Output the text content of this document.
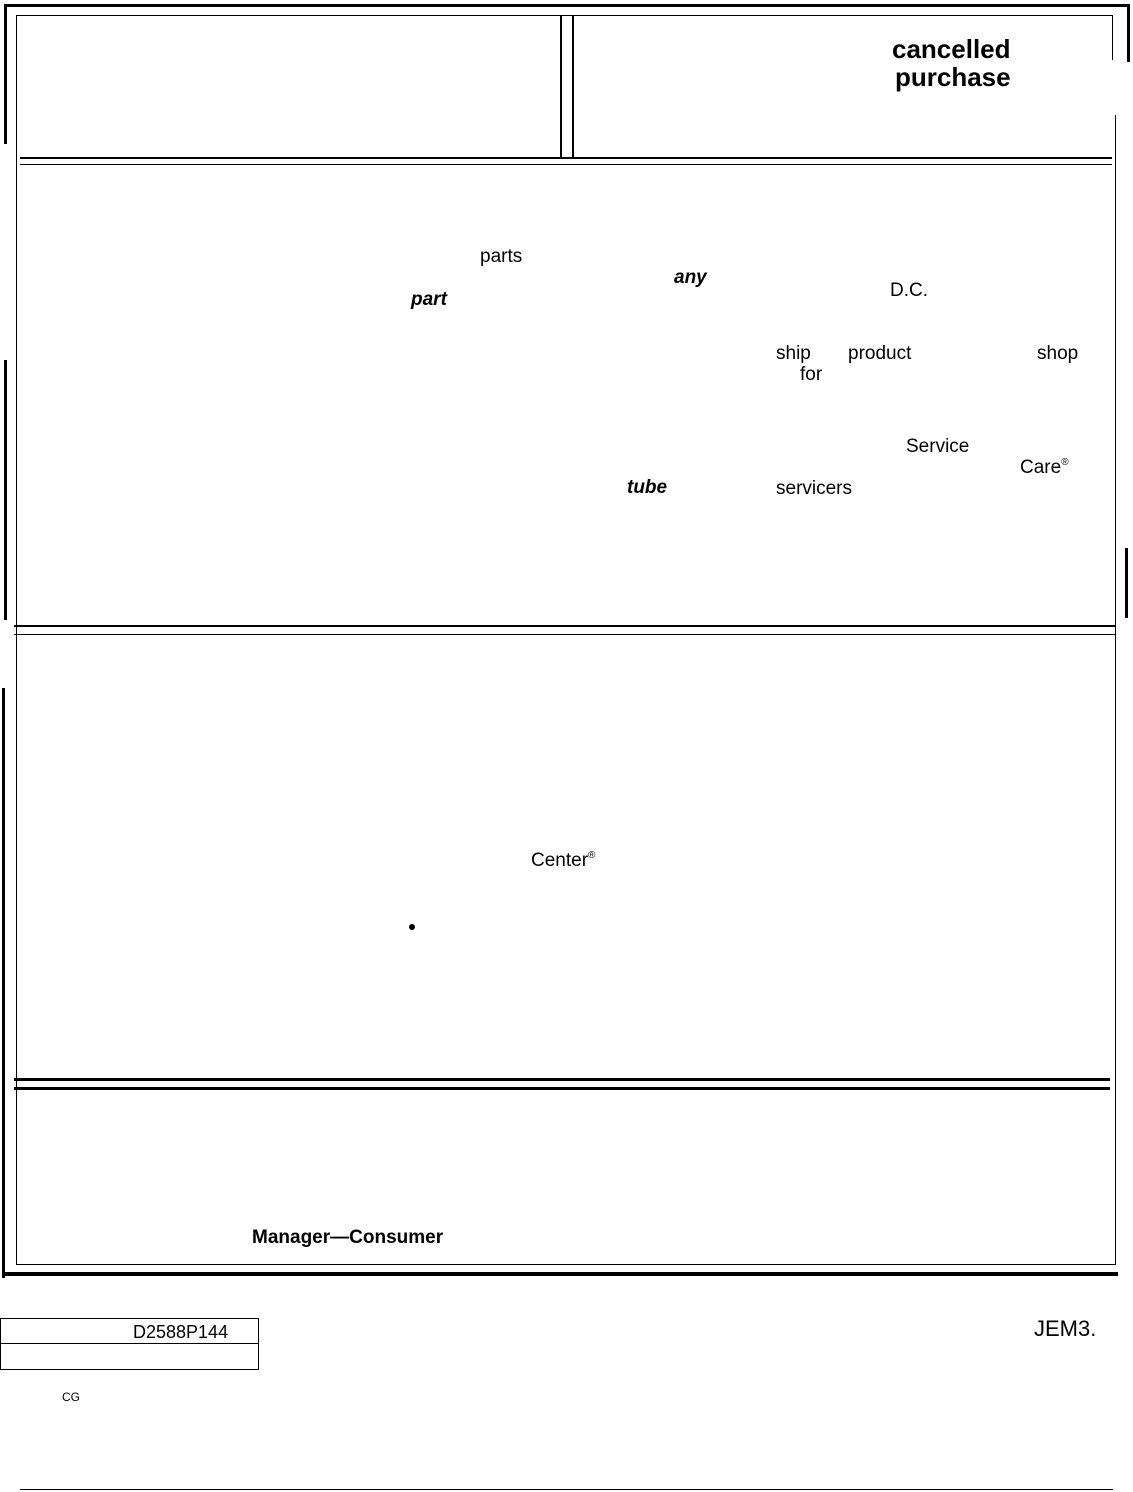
cancelled
purchase
parts
any
D.C.
part
ship product	shop
for
Service
Care®
tube	servicers
Center®
Manager—Consumer
D2588P144	JEM3.
CG
